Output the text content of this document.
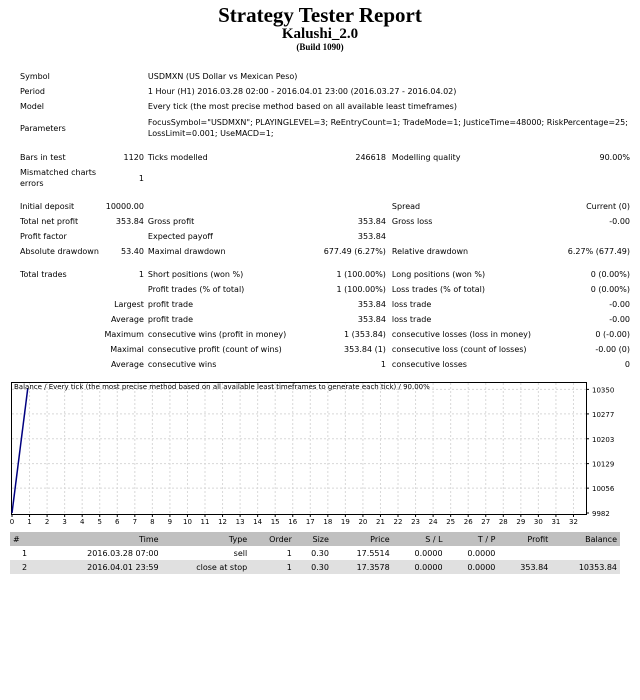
Strategy Tester Report
Kalushi_2.0
(Build 1090)
Symbol		USDMXN (US Dollar vs Mexican Peso)			
Period		1 Hour (H1) 2016.03.28 02:00 - 2016.04.01 23:00 (2016.03.27 - 2016.04.02)			
Model		Every tick (the most precise method based on all available least timeframes)			
Parameters		FocusSymbol="USDMXN"; PLAYINGLEVEL=3; ReEntryCount=1; TradeMode=1; JusticeTime=48000; RiskPercentage=25; LossLimit=0.001; UseMACD=1;			

Bars in test	1120	Ticks modelled	246618	Modelling quality	90.00%
Mismatched charts errors	1				

Initial deposit	10000.00			Spread	Current (0)
Total net profit	353.84	Gross profit	353.84	Gross loss	-0.00
Profit factor		Expected payoff	353.84		
Absolute drawdown	53.40	Maximal drawdown	677.49 (6.27%)	Relative drawdown	6.27% (677.49)

Total trades	1	Short positions (won %)	1 (100.00%)	Long positions (won %)	0 (0.00%)
		Profit trades (% of total)	1 (100.00%)	Loss trades (% of total)	0 (0.00%)
Largest		profit trade	353.84	loss trade	-0.00
Average		profit trade	353.84	loss trade	-0.00
Maximum		consecutive wins (profit in money)	1 (353.84)	consecutive losses (loss in money)	0 (-0.00)
Maximal		consecutive profit (count of wins)	353.84 (1)	consecutive loss (count of losses)	-0.00 (0)
Average		consecutive wins	1	consecutive losses	0
0 1 2 3 4 5 6 7 8 9 10 11 12 13 14 15 16 17 18 19 20 21 22 23 24 25 26 27 28 29 30 31 32
10350
10277
10203
10129
10056
9982
Balance / Every tick (the most precise method based on all available least timeframes to generate each tick) / 90.00%
#	Time	Type	Order	Size	Price	S / L	T / P	Profit	Balance
1	2016.03.28 07:00	sell	1	0.30	17.5514	0.0000	0.0000		
2	2016.04.01 23:59	close at stop	1	0.30	17.3578	0.0000	0.0000	353.84	10353.84
